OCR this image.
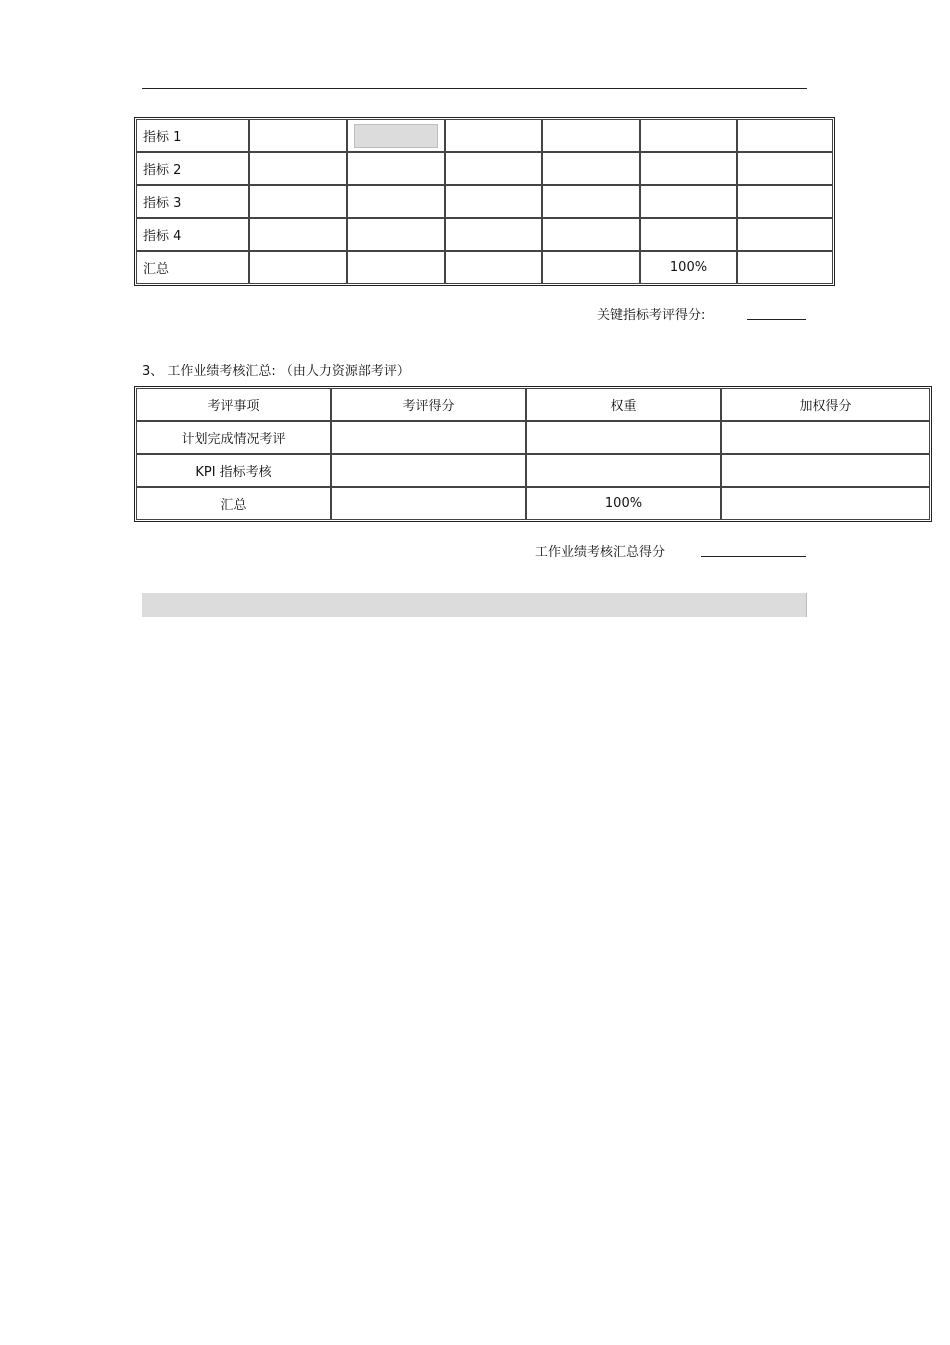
指标 1		

指标 2						
指标 3						
指标 4						
汇总					100%	
关键指标考评得分:
3、 工作业绩考核汇总: （由人力资源部考评）
考评事项	考评得分	权重	加权得分
计划完成情况考评			
KPI 指标考核			
汇总		100%	
工作业绩考核汇总得分
